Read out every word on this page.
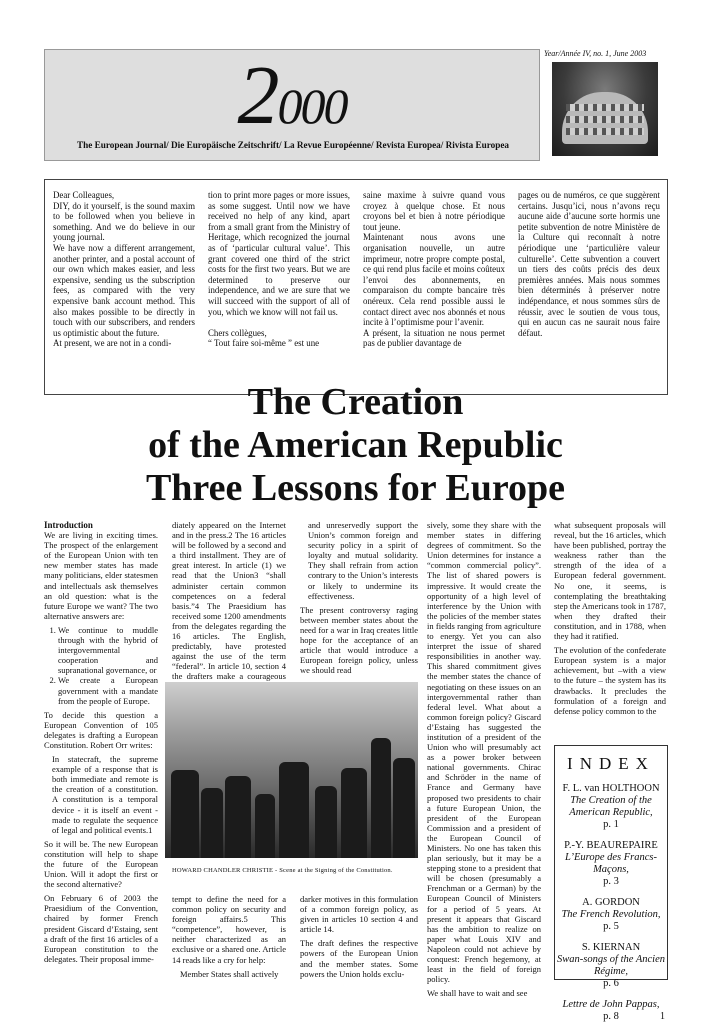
Year/Année IV, no. 1, June 2003
2000
The European Journal/ Die Europäische Zeitschrift/ La Revue Européenne/ Revista Europea/ Rivista Europea

Dear Colleagues,

DIY, do it yourself, is the sound maxim to be followed when you believe in something. And we do believe in our young journal.

We have now a different arrangement, another printer, and a postal account of our own which makes easier, and less expensive, sending us the subscription fees, as compared with the very expensive bank account method. This also makes possible to be directly in touch with our subscribers, and renders us optimistic about the future.

At present, we are not in a condi-

tion to print more pages or more issues, as some suggest. Until now we have received no help of any kind, apart from a small grant from the Ministry of Heritage, which recognized the journal as of ‘particular cultural value’. This grant covered one third of the strict costs for the first two years. But we are determined to preserve our independence, and we are sure that we will succeed with the support of all of you, which we know will not fail us.

Chers collègues,

“ Tout faire soi-même ” est une

saine maxime à suivre quand vous croyez à quelque chose. Et nous croyons bel et bien à notre périodique tout jeune.

Maintenant nous avons une organisation nouvelle, un autre imprimeur, notre propre compte postal, ce qui rend plus facile et moins coûteux l’envoi des abonnements, en comparaison du compte bancaire très onéreux. Cela rend possible aussi le contact direct avec nos abonnés et nous incite à l’optimisme pour l’avenir.

A présent, la situation ne nous permet pas de publier davantage de

pages ou de numéros, ce que suggèrent certains. Jusqu’ici, nous n’avons reçu aucune aide d’aucune sorte hormis une petite subvention de notre Ministère de la Culture qui reconnaît à notre périodique une ‘particulière valeur culturelle’. Cette subvention a couvert un tiers des coûts précis des deux premières années. Mais nous sommes bien déterminés à préserver notre indépendance, et nous sommes sûrs de réussir, avec le soutien de vous tous, qui en aucun cas ne saurait nous faire défaut.

The Creation
of the American Republic
Three Lessons for Europe

Introduction

We are living in exciting times. The prospect of the enlargement of the European Union with ten new member states has made many politicians, elder statesmen and intellectuals ask themselves an old question: what is the future Europe we want? The two alternative answers are:

1. We continue to muddle through with the hybrid of intergovernmental cooperation and supranational governance, or
2. We create a European government with a mandate from the people of Europe.

To decide this question a European Convention of 105 delegates is drafting a European Constitution. Robert Orr writes:

In statecraft, the supreme example of a response that is both immediate and remote is the creation of a constitution. A constitution is a temporal device - it is itself an event - made to regulate the sequence of legal and political events.1

So it will be. The new European constitution will help to shape the future of the European Union. Will it adopt the first or the second alternative?

On February 6 of 2003 the Praesidium of the Convention, chaired by former French president Giscard d’Estaing, sent a draft of the first 16 articles of a European constitution to the delegates. Their proposal imme-

diately appeared on the Internet and in the press.2 The 16 articles will be followed by a second and a third installment. They are of great interest. In article (1) we read that the Union3 “shall administer certain common competences on a federal basis.”4 The Praesidium has received some 1200 amendments from the delegates regarding the 16 articles. The English, predictably, have protested against the use of the term “federal”. In article 10, section 4 the drafters make a courageous

and unreservedly support the Union’s common foreign and security policy in a spirit of loyalty and mutual solidarity. They shall refrain from action contrary to the Union’s interests or likely to undermine its effectiveness.

The present controversy raging between member states about the need for a war in Iraq creates little hope for the acceptance of an article that would introduce a European foreign policy, unless we should read

HOWARD CHANDLER CHRISTIE - Scene at the Signing of the Constitution.

tempt to define the need for a common policy on security and foreign affairs.5 This “competence”, however, is neither characterized as an exclusive or a shared one. Article 14 reads like a cry for help:

Member States shall actively

darker motives in this formulation of a common foreign policy, as given in articles 10 section 4 and article 14.

The draft defines the respective powers of the European Union and the member states. Some powers the Union holds exclu-

sively, some they share with the member states in differing degrees of commitment. So the Union determines for instance a “common commercial policy”. The list of shared powers is impressive. It would create the opportunity of a high level of interference by the Union with the policies of the member states in fields ranging from agriculture to energy. Yet you can also interpret the issue of shared responsibilities in another way. This shared commitment gives the member states the chance of negotiating on these issues on an intergovernmental rather than federal level. What about a common foreign policy? Giscard d’Estaing has suggested the institution of a president of the Union who will presumably act as a power broker between national governments. Chirac and Schröder in the name of France and Germany have proposed two presidents to chair a future European Union, the president of the European Commission and a president of the European Council of Ministers. No one has taken this plan seriously, but it may be a stepping stone to a president that will be chosen (presumably a Frenchman or a German) by the European Council of Ministers for a period of 5 years. At present it appears that Giscard has the ambition to realize on paper what Louis XIV and Napoleon could not achieve by conquest: French hegemony, at least in the field of foreign policy.

We shall have to wait and see

what subsequent proposals will reveal, but the 16 articles, which have been published, portray the weakness rather than the strength of the idea of a European federal government. No one, it seems, is contemplating the breathtaking step the Americans took in 1787, when they drafted their constitution, and in 1788, when they had it ratified.

The evolution of the confederate European system is a major achievement, but –with a view to the future – the system has its drawbacks. It precludes the formulation of a foreign and defense policy common to the

INDEX
F. L. van HOLTHOON
The Creation of the American Republic,
p. 1
P.-Y. BEAUREPAIRE
L’Europe des Francs-Maçons,
p. 3
A. GORDON
The French Revolution,
p. 5
S. KIERNAN
Swan-songs of the Ancien Régime,
p. 6
Lettre de John Pappas,
p. 8	1
